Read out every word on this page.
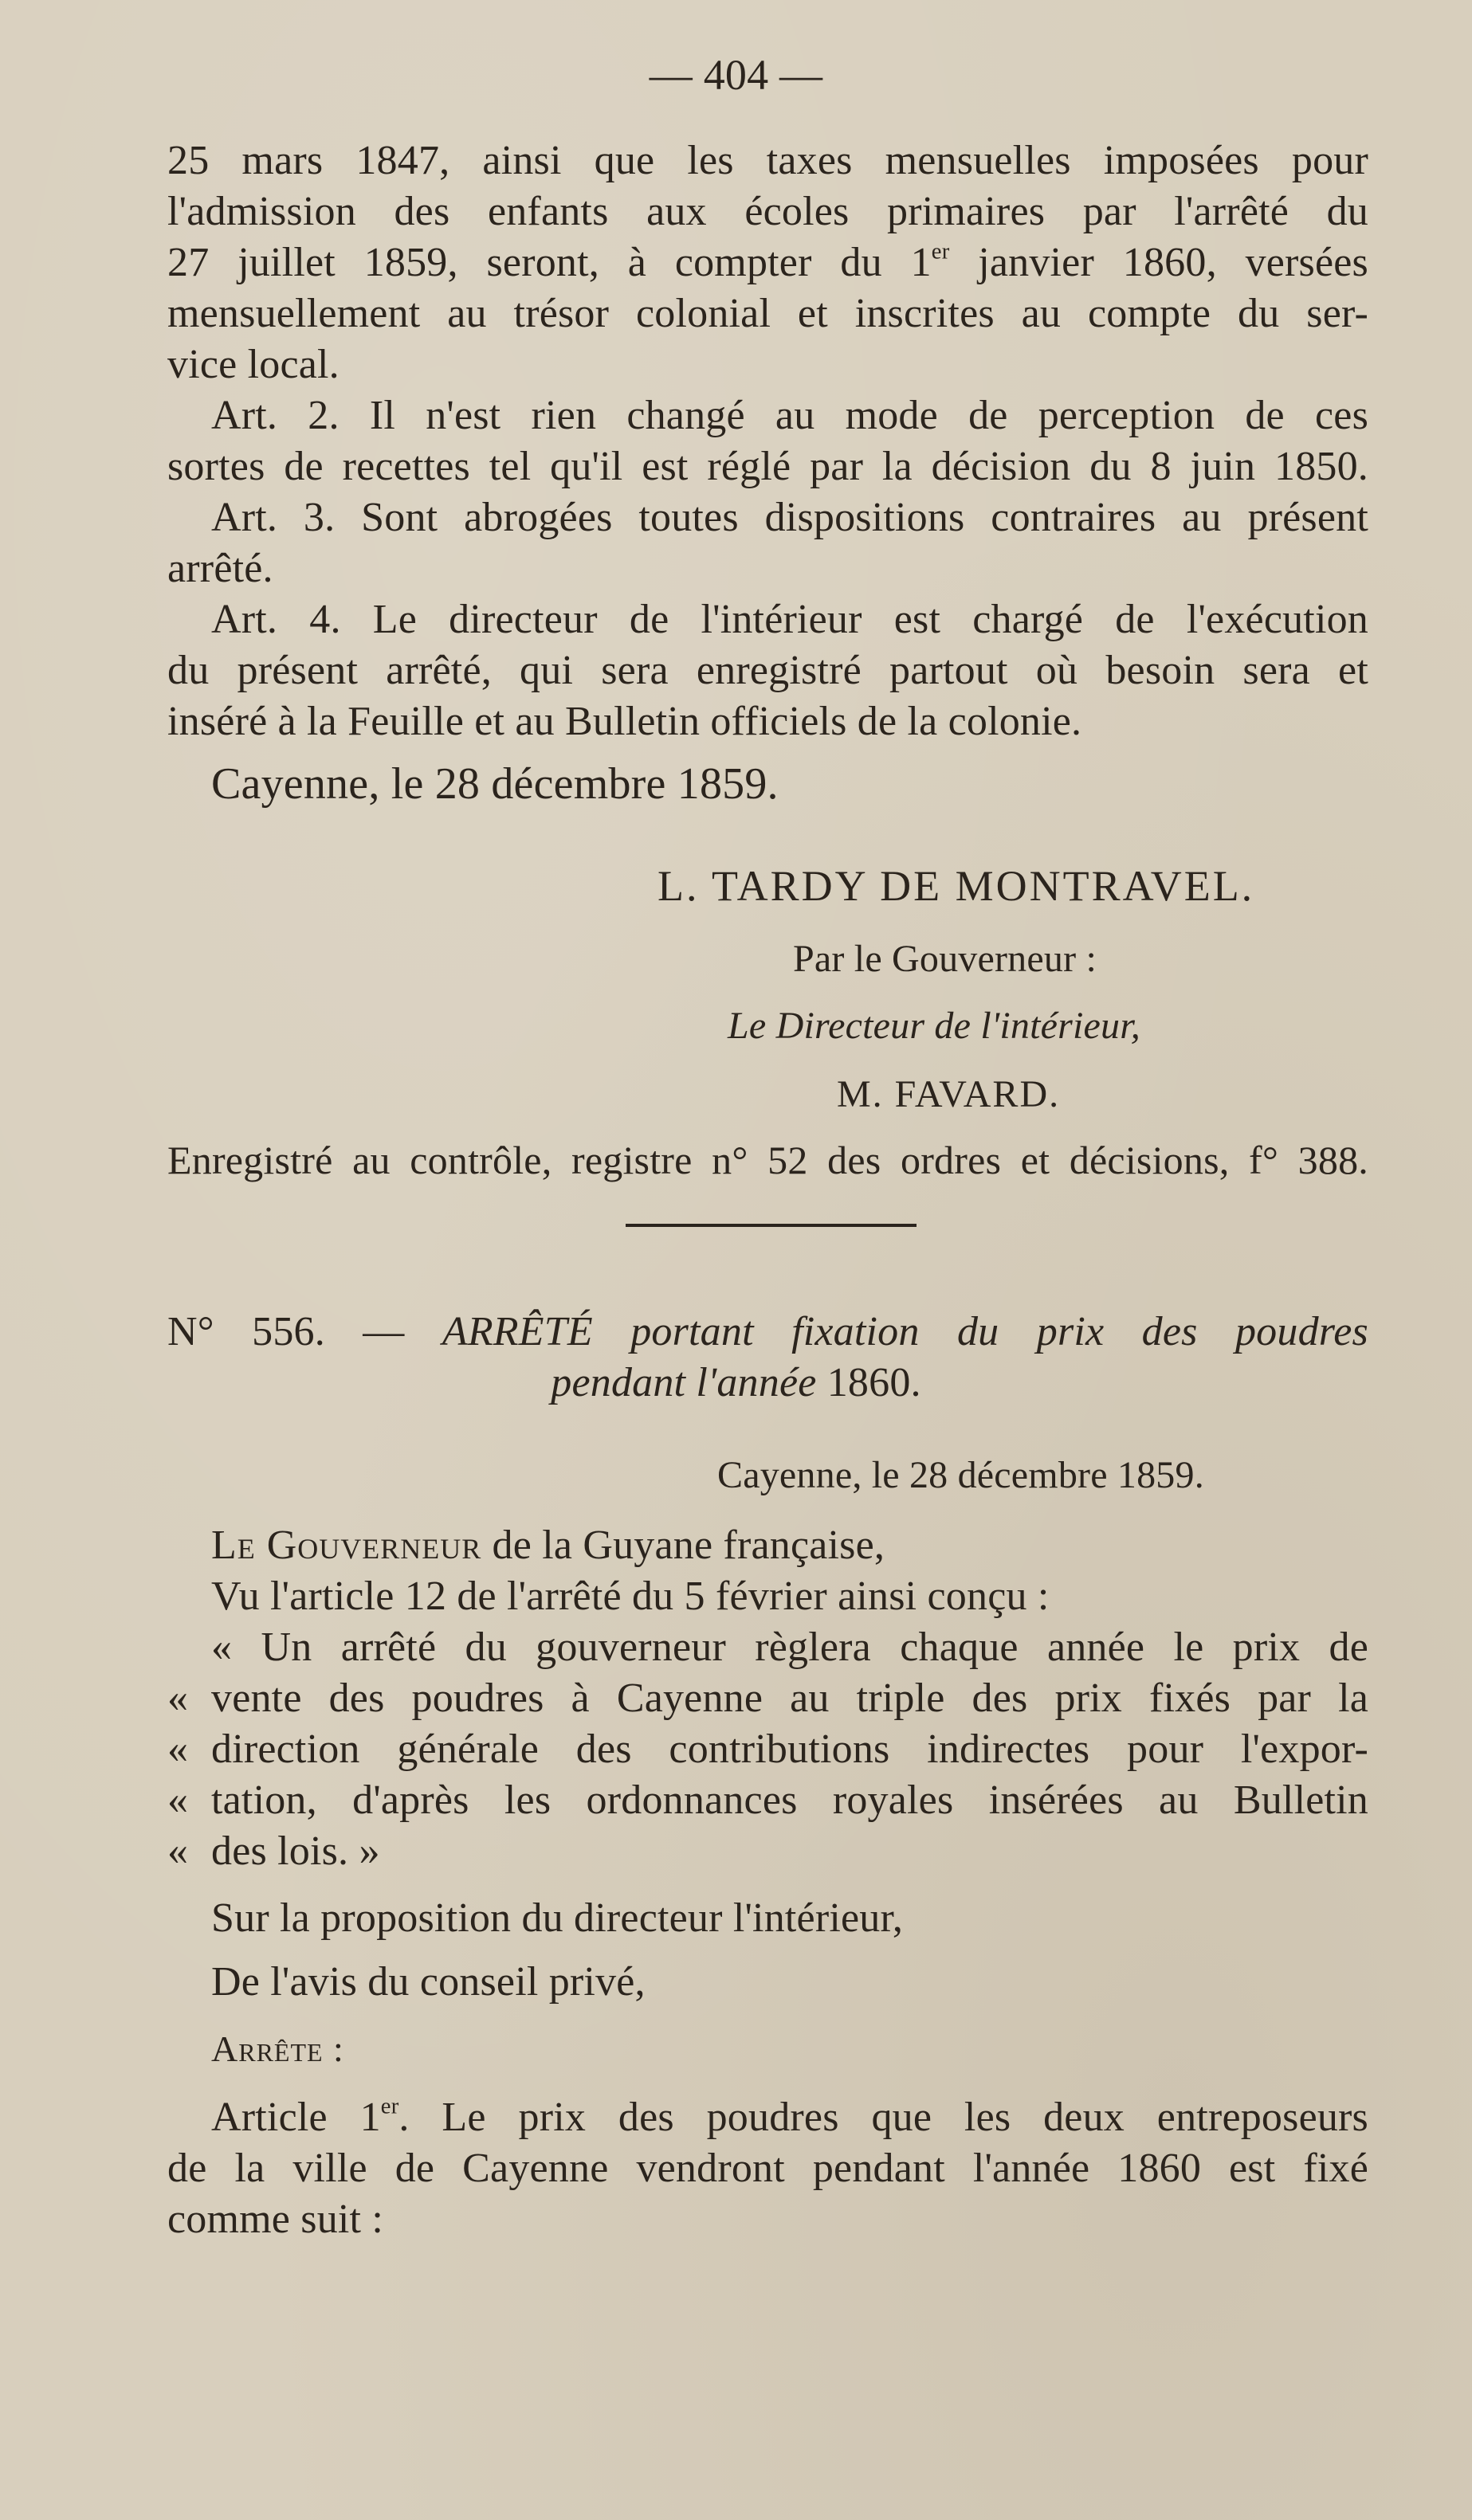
— 404 —
25 mars 1847, ainsi que les taxes mensuelles imposées pour
l'admission des enfants aux écoles primaires par l'arrêté du
27 juillet 1859, seront, à compter du 1er janvier 1860, versées
mensuellement au trésor colonial et inscrites au compte du ser-
vice local.
Art. 2. Il n'est rien changé au mode de perception de ces
sortes de recettes tel qu'il est réglé par la décision du 8 juin 1850.
Art. 3. Sont abrogées toutes dispositions contraires au présent
arrêté.
Art. 4. Le directeur de l'intérieur est chargé de l'exécution
du présent arrêté, qui sera enregistré partout où besoin sera et
inséré à la Feuille et au Bulletin officiels de la colonie.
Cayenne, le 28 décembre 1859.
L. TARDY DE MONTRAVEL.
Par le Gouverneur :
Le Directeur de l'intérieur,
M. FAVARD.
Enregistré au contrôle, registre n° 52 des ordres et décisions, f° 388.
N° 556. — ARRÊTÉ portant fixation du prix des poudres
pendant l'année 1860.
Cayenne, le 28 décembre 1859.
Le Gouverneur de la Guyane française,
Vu l'article 12 de l'arrêté du 5 février ainsi conçu :
« Un arrêté du gouverneur règlera chaque année le prix de
« vente des poudres à Cayenne au triple des prix fixés par la
« direction générale des contributions indirectes pour l'expor-
« tation, d'après les ordonnances royales insérées au Bulletin
« des lois. »
Sur la proposition du directeur l'intérieur,
De l'avis du conseil privé,
Arrête :
Article 1er. Le prix des poudres que les deux entreposeurs
de la ville de Cayenne vendront pendant l'année 1860 est fixé
comme suit :
